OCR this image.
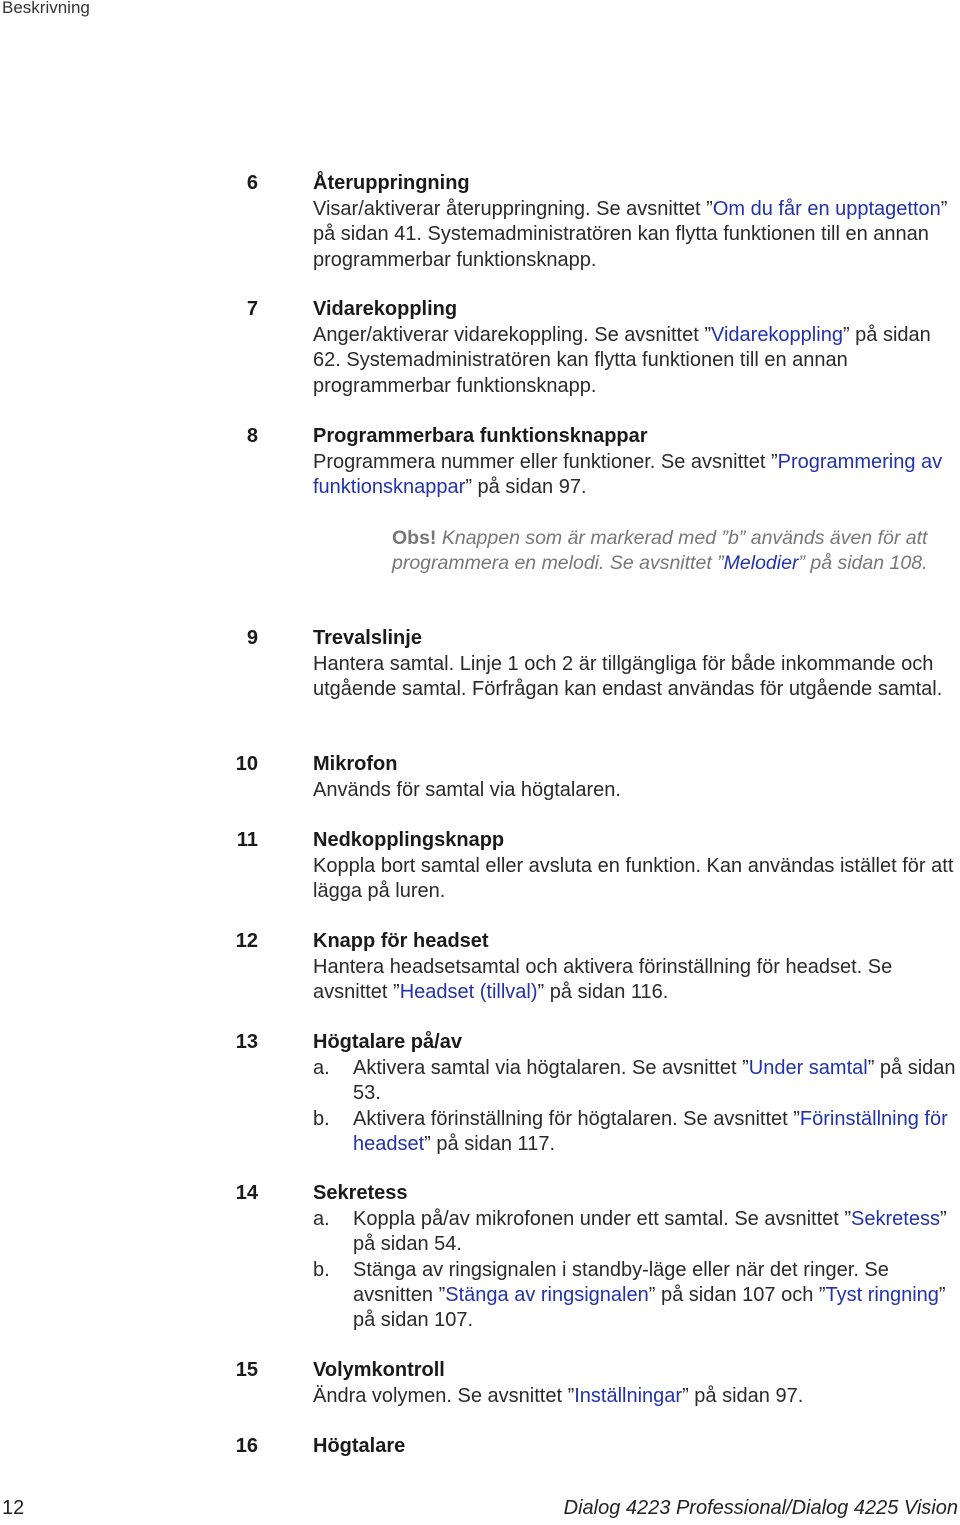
Beskrivning
6	Återuppringning

Visar/aktiverar återuppringning. Se avsnittet ”Om du får en upptagetton” på sidan 41. Systemadministratören kan flytta funktionen till en annan programmerbar funktionsknapp.

7	Vidarekoppling

Anger/aktiverar vidarekoppling. Se avsnittet ”Vidarekoppling” på sidan 62. Systemadministratören kan flytta funktionen till en annan programmerbar funktionsknapp.

8	Programmerbara funktionsknappar

Programmera nummer eller funktioner. Se avsnittet ”Programmering av funktionsknappar” på sidan 97.

Obs! Knappen som är markerad med ”b” används även för att programmera en melodi. Se avsnittet ”Melodier” på sidan 108.
9	Trevalslinje

Hantera samtal. Linje 1 och 2 är tillgängliga för både inkommande och utgående samtal. Förfrågan kan endast användas för utgående samtal.

10	Mikrofon

Används för samtal via högtalaren.

11	Nedkopplingsknapp

Koppla bort samtal eller avsluta en funktion. Kan användas istället för att lägga på luren.

12	Knapp för headset

Hantera headsetsamtal och aktivera förinställning för headset. Se avsnittet ”Headset (tillval)” på sidan 116.

13	Högtalare på/av
a. Aktivera samtal via högtalaren. Se avsnittet ”Under samtal” på sidan 53.
b. Aktivera förinställning för högtalaren. Se avsnittet ”Förinställning för headset” på sidan 117.
14	Sekretess
a. Koppla på/av mikrofonen under ett samtal. Se avsnittet ”Sekretess” på sidan 54.
b. Stänga av ringsignalen i standby-läge eller när det ringer. Se avsnitten ”Stänga av ringsignalen” på sidan 107 och ”Tyst ringning” på sidan 107.
15	Volymkontroll

Ändra volymen. Se avsnittet ”Inställningar” på sidan 97.

16	Högtalare
12	Dialog 4223 Professional/Dialog 4225 Vision
